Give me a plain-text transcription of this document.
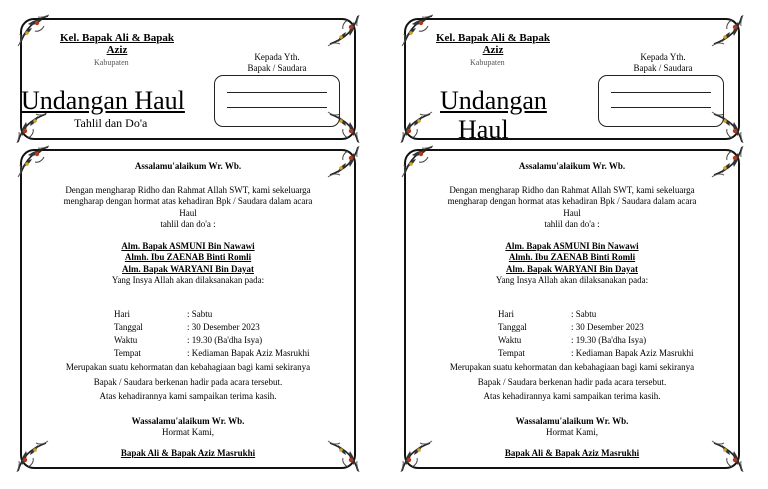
Kel. Bapak Ali & Bapak
Aziz
Kabupaten
Kepada Yth.
Bapak / Saudara
Undangan Haul
Tahlil dan Do'a
Assalamu'alaikum Wr. Wb.
Dengan mengharap Ridho dan Rahmat Allah SWT, kami sekeluarga
mengharap dengan hormat atas kehadiran Bpk / Saudara dalam acara
Haul
tahlil dan do'a :
Alm. Bapak ASMUNI Bin Nawawi
Almh. Ibu ZAENAB Binti Romli
Alm. Bapak WARYANI Bin Dayat
Yang Insya Allah akan dilaksanakan pada:
Hari	: Sabtu
Tanggal	: 30 Desember 2023
Waktu	: 19.30 (Ba'dha Isya)
Tempat	: Kediaman Bapak Aziz Masrukhi
Merupakan suatu kehormatan dan kebahagiaan bagi kami sekiranya
Bapak / Saudara berkenan hadir pada acara tersebut.
Atas kehadirannya kami sampaikan terima kasih.
Wassalamu'alaikum Wr. Wb.
Hormat Kami,
Bapak Ali & Bapak Aziz Masrukhi
Kel. Bapak Ali & Bapak
Aziz
Kabupaten
Kepada Yth.
Bapak / Saudara
Undangan
Haul
Assalamu'alaikum Wr. Wb.
Dengan mengharap Ridho dan Rahmat Allah SWT, kami sekeluarga
mengharap dengan hormat atas kehadiran Bpk / Saudara dalam acara
Haul
tahlil dan do'a :
Alm. Bapak ASMUNI Bin Nawawi
Almh. Ibu ZAENAB Binti Romli
Alm. Bapak WARYANI Bin Dayat
Yang Insya Allah akan dilaksanakan pada:
Hari	: Sabtu
Tanggal	: 30 Desember 2023
Waktu	: 19.30 (Ba'dha Isya)
Tempat	: Kediaman Bapak Aziz Masrukhi
Merupakan suatu kehormatan dan kebahagiaan bagi kami sekiranya
Bapak / Saudara berkenan hadir pada acara tersebut.
Atas kehadirannya kami sampaikan terima kasih.
Wassalamu'alaikum Wr. Wb.
Hormat Kami,
Bapak Ali & Bapak Aziz Masrukhi
